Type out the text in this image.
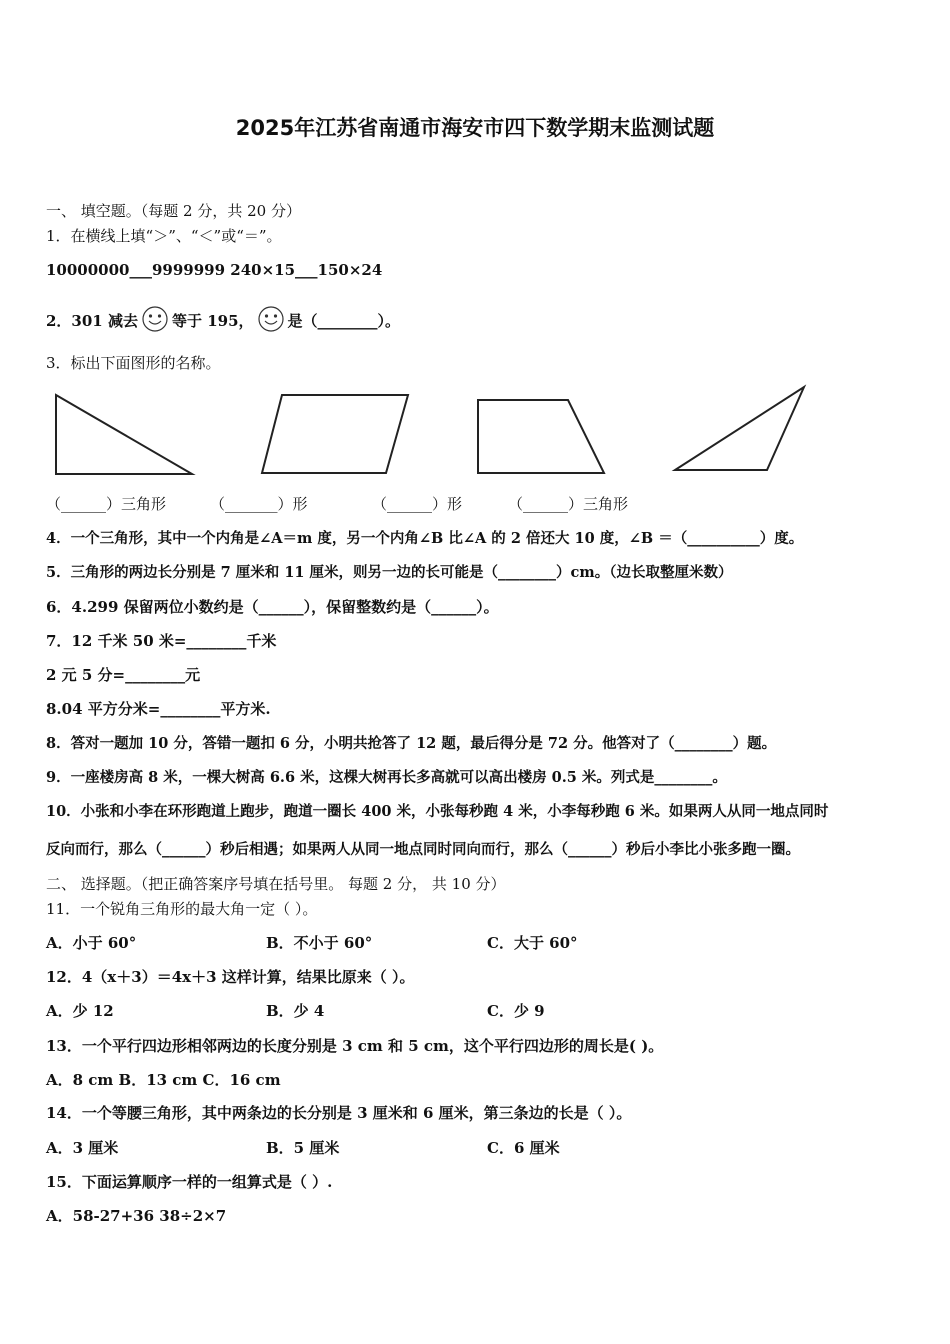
2025年江苏省南通市海安市四下数学期末监测试题
一、 填空题。（每题 2 分，共 20 分）
1．在横线上填“＞”、“＜”或“＝”。
10000000___9999999 240×15___150×24
2．301 减去 等于 195， 是（________）。
3．标出下面图形的名称。
（______）三角形	（_______）形	（______）形	（______）三角形
4．一个三角形，其中一个内角是∠A＝m 度，另一个内角∠B 比∠A 的 2 倍还大 10 度，∠B ＝（__________）度。
5．三角形的两边长分别是 7 厘米和 11 厘米，则另一边的长可能是（________）cm。（边长取整厘米数）
6．4.299 保留两位小数约是（______），保留整数约是（______）。
7．12 千米 50 米=________千米
2 元 5 分=________元
8.04 平方分米=________平方米.
8．答对一题加 10 分，答错一题扣 6 分，小明共抢答了 12 题，最后得分是 72 分。他答对了（________）题。
9．一座楼房高 8 米，一棵大树高 6.6 米，这棵大树再长多高就可以高出楼房 0.5 米。列式是________。
10．小张和小李在环形跑道上跑步，跑道一圈长 400 米，小张每秒跑 4 米，小李每秒跑 6 米。如果两人从同一地点同时
反向而行，那么（______）秒后相遇；如果两人从同一地点同时同向而行，那么（______）秒后小李比小张多跑一圈。
二、 选择题。（把正确答案序号填在括号里。 每题 2 分， 共 10 分）
11．一个锐角三角形的最大角一定（ ）。
A．小于 60°	B．不小于 60°	C．大于 60°
12．4（x＋3）＝4x＋3 这样计算，结果比原来（ ）。
A．少 12	B．少 4	C．少 9
13．一个平行四边形相邻两边的长度分别是 3 cm 和 5 cm，这个平行四边形的周长是( )。
A．8 cm B．13 cm C．16 cm
14．一个等腰三角形，其中两条边的长分别是 3 厘米和 6 厘米，第三条边的长是（ ）。
A．3 厘米	B．5 厘米	C．6 厘米
15．下面运算顺序一样的一组算式是（ ）.
A．58-27+36 38÷2×7
